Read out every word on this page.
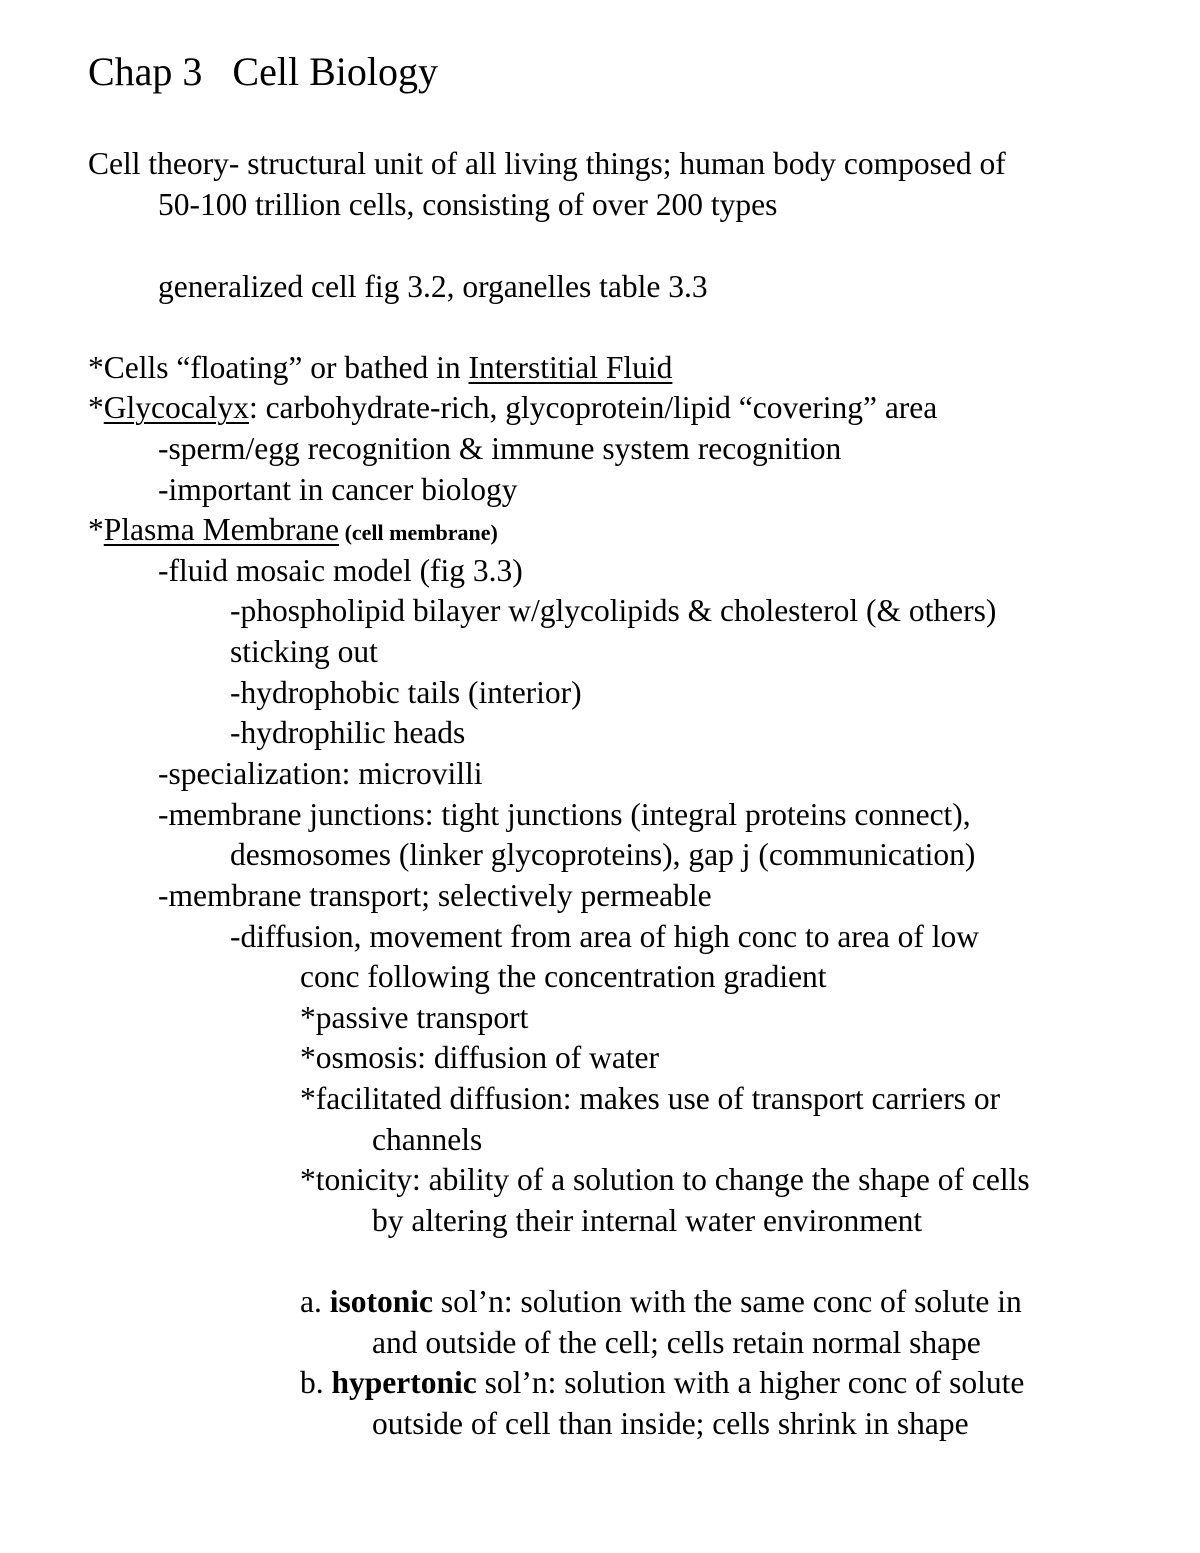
Chap 3   Cell Biology
Cell theory- structural unit of all living things; human body composed of
50-100 trillion cells, consisting of over 200 types
generalized cell fig 3.2, organelles table 3.3
*Cells “floating” or bathed in Interstitial Fluid
*Glycocalyx: carbohydrate-rich, glycoprotein/lipid “covering” area
-sperm/egg recognition & immune system recognition
-important in cancer biology
*Plasma Membrane (cell membrane)
-fluid mosaic model (fig 3.3)
-phospholipid bilayer w/glycolipids & cholesterol (& others)
sticking out
-hydrophobic tails (interior)
-hydrophilic heads
-specialization: microvilli
-membrane junctions: tight junctions (integral proteins connect),
desmosomes (linker glycoproteins), gap j (communication)
-membrane transport; selectively permeable
-diffusion, movement from area of high conc to area of low
conc following the concentration gradient
*passive transport
*osmosis: diffusion of water
*facilitated diffusion: makes use of transport carriers or
channels
*tonicity: ability of a solution to change the shape of cells
by altering their internal water environment
a. isotonic sol’n: solution with the same conc of solute in
and outside of the cell; cells retain normal shape
b. hypertonic sol’n: solution with a higher conc of solute
outside of cell than inside; cells shrink in shape
